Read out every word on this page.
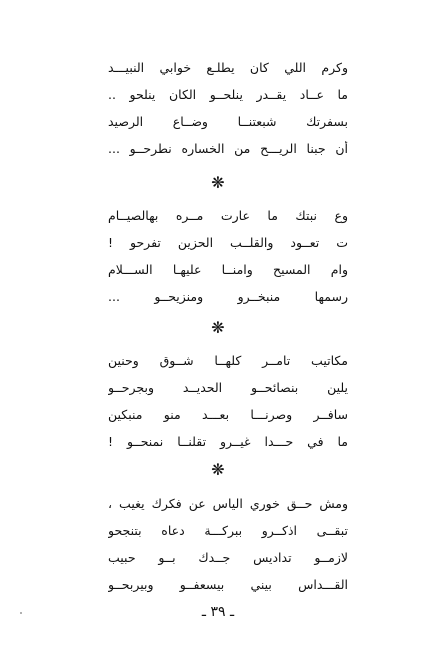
وكرم اللي كان يطلـع خوابي النبيـــد
ما عــاد يقــدر ينلحــو الكان ينلحو ..
بسفرتك شبعتنــا وضــاع الرصيد
أن جبنا الريـــح من الخساره نطرحــو ...
❋
وع نبتك ما عارت مــره بهالصيــام
ت تعــود والقلــب الحزين تفرحو !
وام المسيح وامنــا عليهـا الســـلام
رسمها منبخــرو ومنزيحــو ...
❋
مكاتيب تامــر كلهــا شــوق وحنين
يلين بنصائحــو الحديــد وبجرحــو
سافــر وصرنـــا بعـــد منو منبكين
ما في حـــدا غيــرو تقلنــا نمنحــو !
❋
ومش حــق خوري الياس عن فكرك يغيب ،
تبقــى اذكــرو ببركـــة دعاه بتنجحو
لازمــو تداديس جــدك بــو حبيب
القـــداس بيني بيسعفــو وبيربحــو
ـ ٣٩ ـ
